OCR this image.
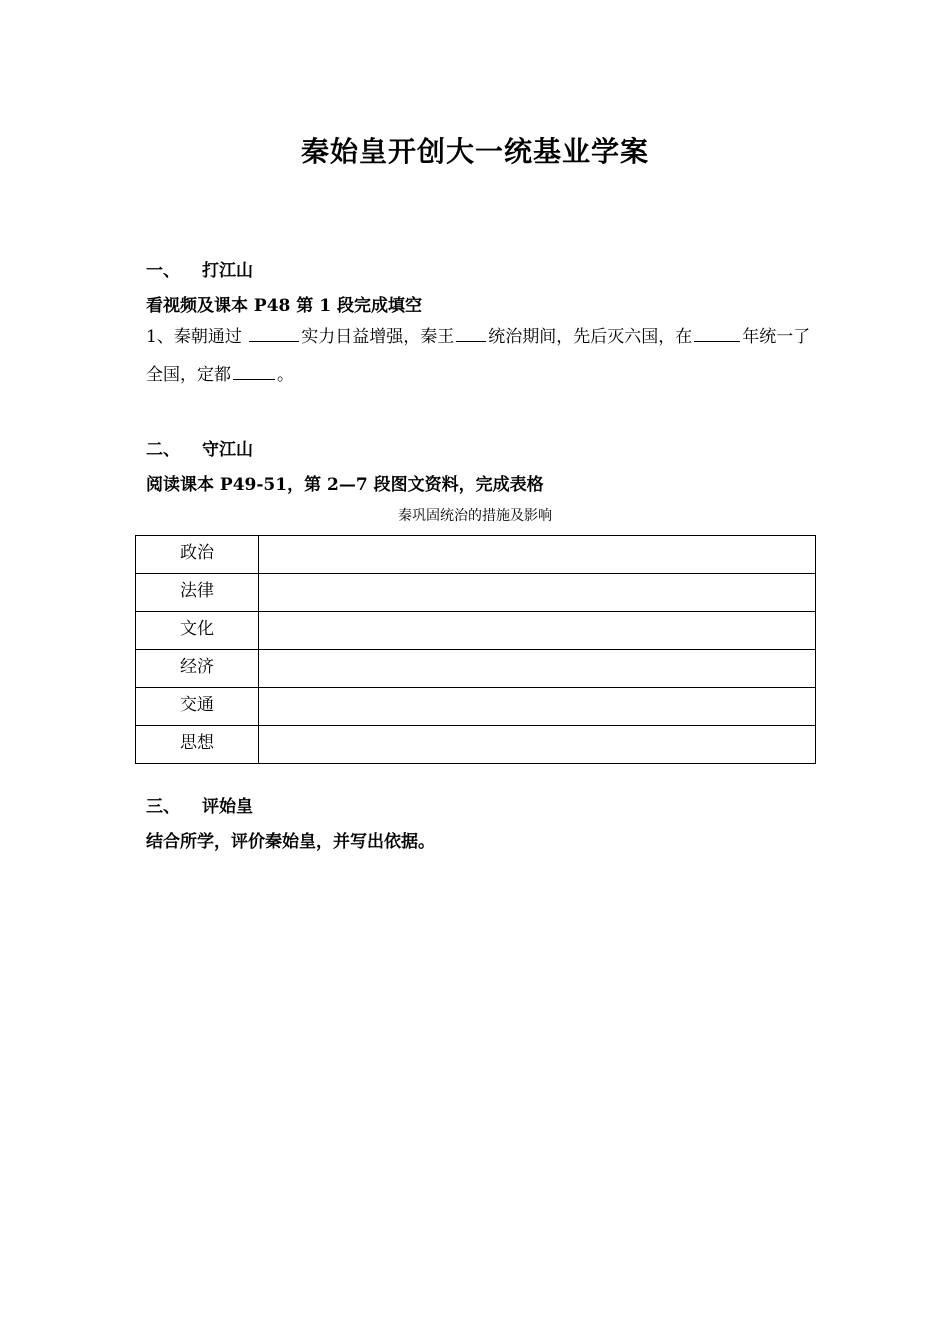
秦始皇开创大一统基业学案
一、 打江山
看视频及课本 P48 第 1 段完成填空
1、秦朝通过	实力日益增强，秦王 统治期间，先后灭六国，在	年统一了全国，定都	。
二、 守江山
阅读课本 P49-51，第 2—7 段图文资料，完成表格
秦巩固统治的措施及影响
政治	
法律	
文化	
经济	
交通	
思想	
三、 评始皇
结合所学，评价秦始皇，并写出依据。
